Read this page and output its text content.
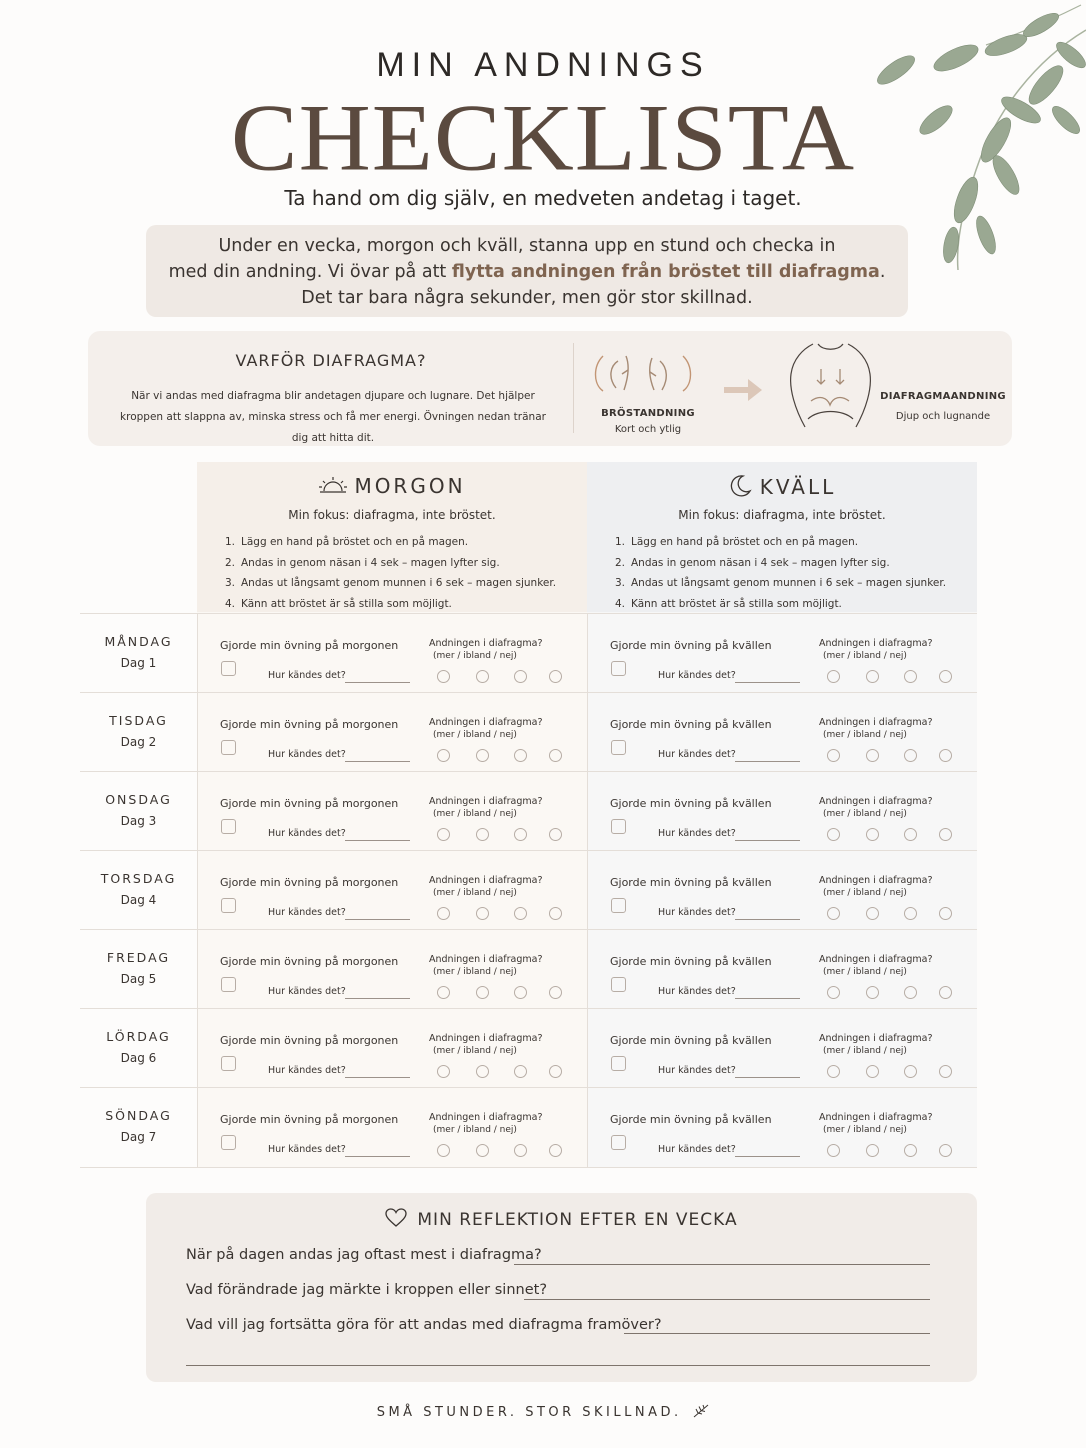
MIN ANDNINGS
CHECKLISTA
Ta hand om dig själv, en medveten andetag i taget.
Under en vecka, morgon och kväll, stanna upp en stund och checka in
med din andning. Vi övar på att flytta andningen från bröstet till diafragma.
Det tar bara några sekunder, men gör stor skillnad.
VARFÖR DIAFRAGMA?

När vi andas med diafragma blir andetagen djupare och lugnare. Det hjälper kroppen att slappna av, minska stress och få mer energi. Övningen nedan tränar dig att hitta dit.

BRÖSTANDNING
Kort och ytlig
DIAFRAGMAANDNING
Djup och lugnande
MORGON
Min fokus: diafragma, inte bröstet.
1. Lägg en hand på bröstet och en på magen.
2. Andas in genom näsan i 4 sek – magen lyfter sig.
3. Andas ut långsamt genom munnen i 6 sek – magen sjunker.
4. Känn att bröstet är så stilla som möjligt.
KVÄLL
Min fokus: diafragma, inte bröstet.
1. Lägg en hand på bröstet och en på magen.
2. Andas in genom näsan i 4 sek – magen lyfter sig.
3. Andas ut långsamt genom munnen i 6 sek – magen sjunker.
4. Känn att bröstet är så stilla som möjligt.
MÅNDAG
Dag 1
Gjorde min övning på morgonen
Hur kändes det?
Andningen i diafragma?
(mer / ibland / nej)
Gjorde min övning på kvällen
Hur kändes det?
Andningen i diafragma?
(mer / ibland / nej)
TISDAG
Dag 2
Gjorde min övning på morgonen
Hur kändes det?
Andningen i diafragma?
(mer / ibland / nej)
Gjorde min övning på kvällen
Hur kändes det?
Andningen i diafragma?
(mer / ibland / nej)
ONSDAG
Dag 3
Gjorde min övning på morgonen
Hur kändes det?
Andningen i diafragma?
(mer / ibland / nej)
Gjorde min övning på kvällen
Hur kändes det?
Andningen i diafragma?
(mer / ibland / nej)
TORSDAG
Dag 4
Gjorde min övning på morgonen
Hur kändes det?
Andningen i diafragma?
(mer / ibland / nej)
Gjorde min övning på kvällen
Hur kändes det?
Andningen i diafragma?
(mer / ibland / nej)
FREDAG
Dag 5
Gjorde min övning på morgonen
Hur kändes det?
Andningen i diafragma?
(mer / ibland / nej)
Gjorde min övning på kvällen
Hur kändes det?
Andningen i diafragma?
(mer / ibland / nej)
LÖRDAG
Dag 6
Gjorde min övning på morgonen
Hur kändes det?
Andningen i diafragma?
(mer / ibland / nej)
Gjorde min övning på kvällen
Hur kändes det?
Andningen i diafragma?
(mer / ibland / nej)
SÖNDAG
Dag 7
Gjorde min övning på morgonen
Hur kändes det?
Andningen i diafragma?
(mer / ibland / nej)
Gjorde min övning på kvällen
Hur kändes det?
Andningen i diafragma?
(mer / ibland / nej)
MIN REFLEKTION EFTER EN VECKA
När på dagen andas jag oftast mest i diafragma?
Vad förändrade jag märkte i kroppen eller sinnet?
Vad vill jag fortsätta göra för att andas med diafragma framöver?
SMÅ STUNDER. STOR SKILLNAD.
